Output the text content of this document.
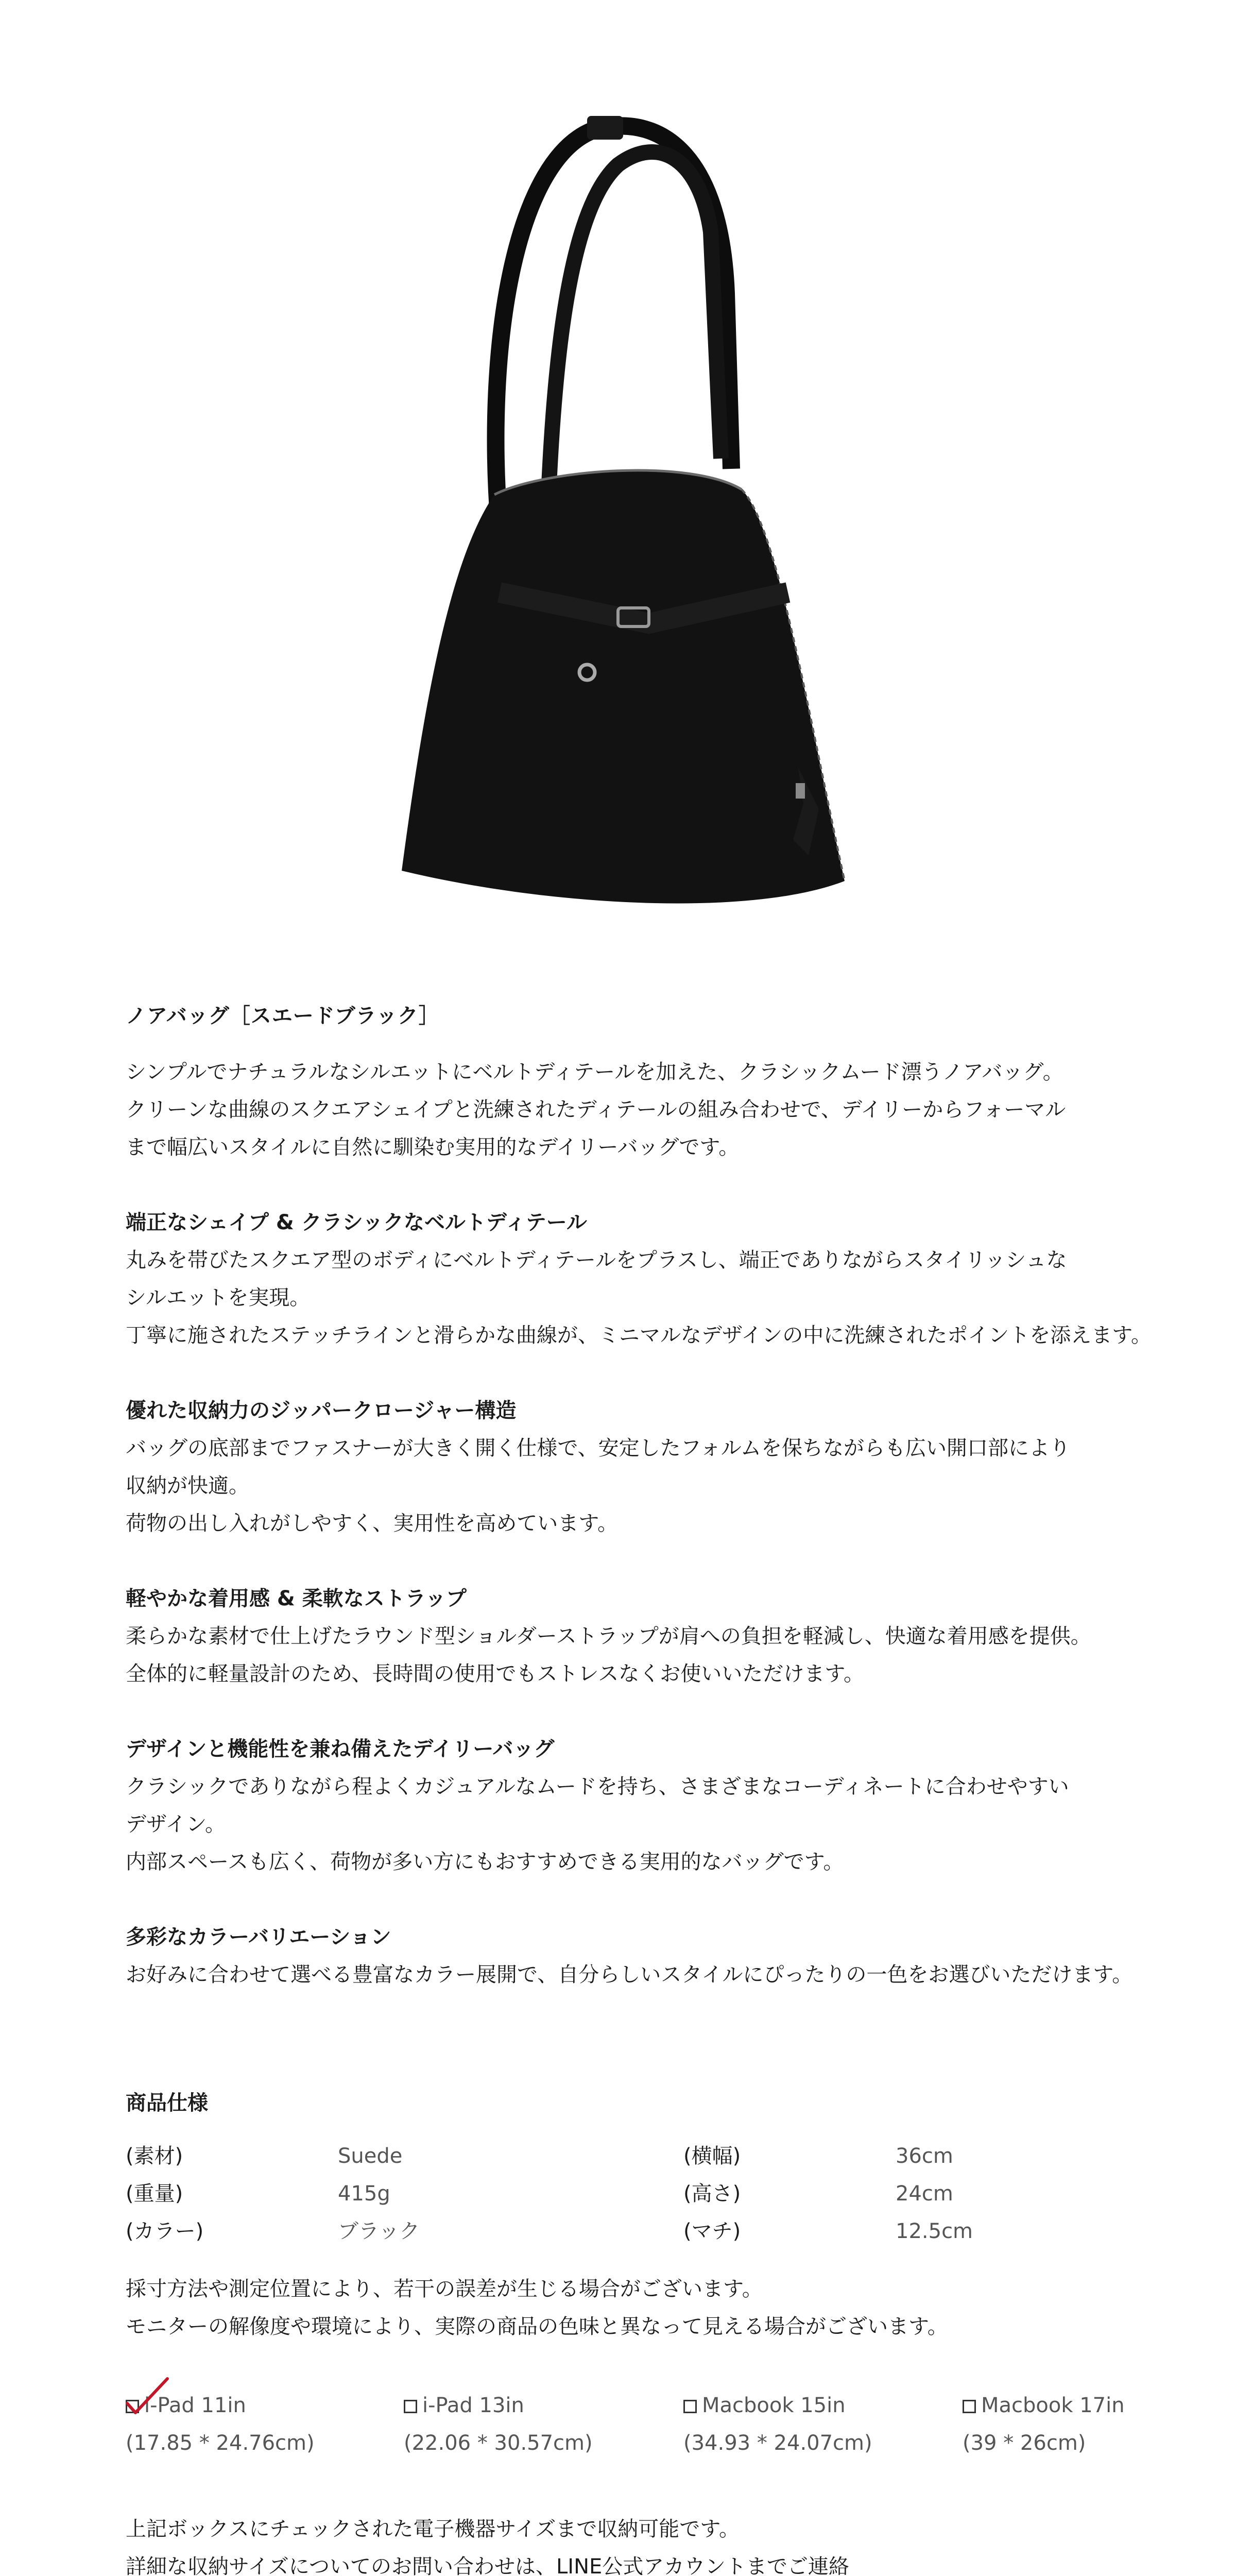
ノアバッグ［スエードブラック］

シンプルでナチュラルなシルエットにベルトディテールを加えた、クラシックムード漂うノアバッグ。

クリーンな曲線のスクエアシェイプと洗練されたディテールの組み合わせで、デイリーからフォーマル

まで幅広いスタイルに自然に馴染む実用的なデイリーバッグです。

端正なシェイプ & クラシックなベルトディテール

丸みを帯びたスクエア型のボディにベルトディテールをプラスし、端正でありながらスタイリッシュな

シルエットを実現。

丁寧に施されたステッチラインと滑らかな曲線が、ミニマルなデザインの中に洗練されたポイントを添えます。

優れた収納力のジッパークロージャー構造

バッグの底部までファスナーが大きく開く仕様で、安定したフォルムを保ちながらも広い開口部により

収納が快適。

荷物の出し入れがしやすく、実用性を高めています。

軽やかな着用感 & 柔軟なストラップ

柔らかな素材で仕上げたラウンド型ショルダーストラップが肩への負担を軽減し、快適な着用感を提供。

全体的に軽量設計のため、長時間の使用でもストレスなくお使いいただけます。

デザインと機能性を兼ね備えたデイリーバッグ

クラシックでありながら程よくカジュアルなムードを持ち、さまざまなコーディネートに合わせやすい

デザイン。

内部スペースも広く、荷物が多い方にもおすすめできる実用的なバッグです。

多彩なカラーバリエーション

お好みに合わせて選べる豊富なカラー展開で、自分らしいスタイルにぴったりの一色をお選びいただけます。

商品仕様

(素材)	Suede	(横幅)	36cm
(重量)	415g	(高さ)	24cm
(カラー)	ブラック	(マチ)	12.5cm

採寸方法や測定位置により、若干の誤差が生じる場合がございます。

モニターの解像度や環境により、実際の商品の色味と異なって見える場合がございます。

i-Pad 11in
(17.85 * 24.76cm)
i-Pad 13in
(22.06 * 30.57cm)
Macbook 15in
(34.93 * 24.07cm)
Macbook 17in
(39 * 26cm)

上記ボックスにチェックされた電子機器サイズまで収納可能です。

詳細な収納サイズについてのお問い合わせは、LINE公式アカウントまでご連絡
